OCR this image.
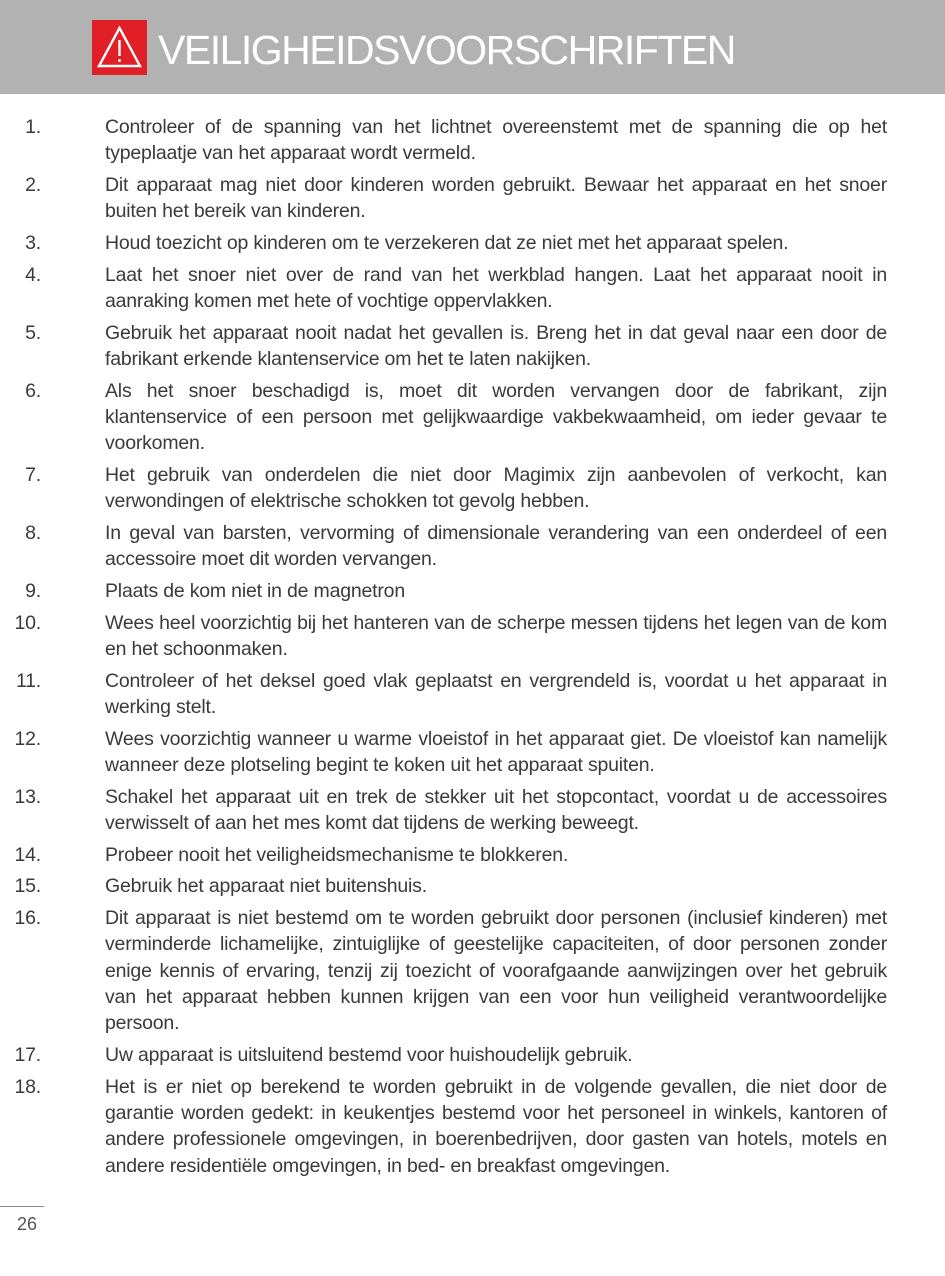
VEILIGHEIDSVOORSCHRIFTEN
1.	Controleer of de spanning van het lichtnet overeenstemt met de spanning die op het typeplaatje van het apparaat wordt vermeld.
2.	Dit apparaat mag niet door kinderen worden gebruikt. Bewaar het apparaat en het snoer buiten het bereik van kinderen.
3.	Houd toezicht op kinderen om te verzekeren dat ze niet met het apparaat spelen.
4.	Laat het snoer niet over de rand van het werkblad hangen. Laat het apparaat nooit in aanraking komen met hete of vochtige oppervlakken.
5.	Gebruik het apparaat nooit nadat het gevallen is. Breng het in dat geval naar een door de fabrikant erkende klantenservice om het te laten nakijken.
6.	Als het snoer beschadigd is, moet dit worden vervangen door de fabrikant, zijn klantenservice of een persoon met gelijkwaardige vakbekwaamheid, om ieder gevaar te voorkomen.
7.	Het gebruik van onderdelen die niet door Magimix zijn aanbevolen of verkocht, kan verwondingen of elektrische schokken tot gevolg hebben.
8.	In geval van barsten, vervorming of dimensionale verandering van een onderdeel of een accessoire moet dit worden vervangen.
9.	Plaats de kom niet in de magnetron
10.	Wees heel voorzichtig bij het hanteren van de scherpe messen tijdens het legen van de kom en het schoonmaken.
11.	Controleer of het deksel goed vlak geplaatst en vergrendeld is, voordat u het apparaat in werking stelt.
12.	Wees voorzichtig wanneer u warme vloeistof in het apparaat giet. De vloeistof kan namelijk wanneer deze plotseling begint te koken uit het apparaat spuiten.
13.	Schakel het apparaat uit en trek de stekker uit het stopcontact, voordat u de accessoires verwisselt of aan het mes komt dat tijdens de werking beweegt.
14.	Probeer nooit het veiligheidsmechanisme te blokkeren.
15.	Gebruik het apparaat niet buitenshuis.
16.	Dit apparaat is niet bestemd om te worden gebruikt door personen (inclusief kinderen) met verminderde lichamelijke, zintuiglijke of geestelijke capaciteiten, of door personen zonder enige kennis of ervaring, tenzij zij toezicht of voorafgaande aanwijzingen over het gebruik van het apparaat hebben kunnen krijgen van een voor hun veiligheid verantwoordelijke persoon.
17.	Uw apparaat is uitsluitend bestemd voor huishoudelijk gebruik.
18.	Het is er niet op berekend te worden gebruikt in de volgende gevallen, die niet door de garantie worden gedekt: in keukentjes bestemd voor het personeel in winkels, kantoren of andere professionele omgevingen, in boerenbedrijven, door gasten van hotels, motels en andere residentiële omgevingen, in bed- en breakfast omgevingen.
26
